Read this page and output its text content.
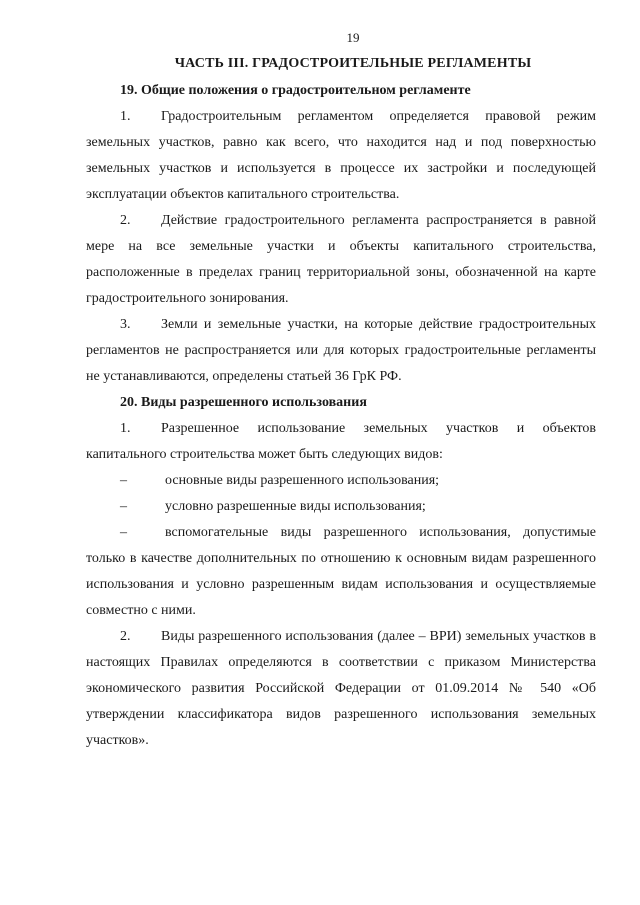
19
ЧАСТЬ III. ГРАДОСТРОИТЕЛЬНЫЕ РЕГЛАМЕНТЫ
19. Общие положения о градостроительном регламенте
1. Градостроительным регламентом определяется правовой режим земельных участков, равно как всего, что находится над и под поверхностью земельных участков и используется в процессе их застройки и последующей эксплуатации объектов капитального строительства.
2. Действие градостроительного регламента распространяется в равной мере на все земельные участки и объекты капитального строительства, расположенные в пределах границ территориальной зоны, обозначенной на карте градостроительного зонирования.
3. Земли и земельные участки, на которые действие градостроительных регламентов не распространяется или для которых градостроительные регламенты не устанавливаются, определены статьей 36 ГрК РФ.
20. Виды разрешенного использования
1. Разрешенное использование земельных участков и объектов капитального строительства может быть следующих видов:
–	основные виды разрешенного использования;
–	условно разрешенные виды использования;
–	вспомогательные виды разрешенного использования, допустимые только в качестве дополнительных по отношению к основным видам разрешенного использования и условно разрешенным видам использования и осуществляемые совместно с ними.
2. Виды разрешенного использования (далее – ВРИ) земельных участков в настоящих Правилах определяются в соответствии с приказом Министерства экономического развития Российской Федерации от 01.09.2014 № 540 «Об утверждении классификатора видов разрешенного использования земельных участков».
